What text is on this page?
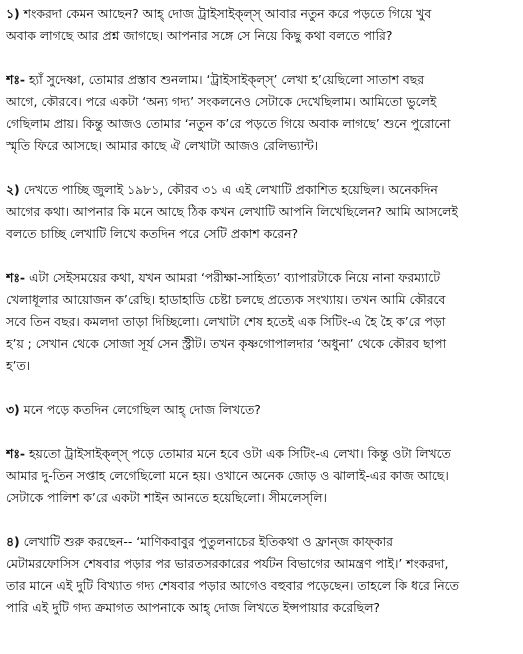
১) শংকরদা কেমন আছেন? আহ্ দোজ ট্রাইসাইক্‌ল্‌স্ আবার নতুন করে পড়তে গিয়ে খুব
অবাক লাগছে আর প্রশ্ন জাগছে। আপনার সঙ্গে সে নিয়ে কিছু কথা বলতে পারি?
শঃ- হ্যাঁ সুদেষ্ণা, তোমার প্রস্তাব শুনলাম। ‘ট্রাইসাইক্‌ল্‌স্’ লেখা হ’য়েছিলো সাতাশ বছর
আগে, কৌরবে। পরে একটা ‘অন্য গদ্য’ সংকলনেও সেটাকে দেখেছিলাম। আমিতো ভুলেই
গেছিলাম প্রায়। কিন্তু আজও তোমার ‘নতুন ক’রে পড়তে গিয়ে অবাক লাগছে’ শুনে পুরোনো
স্মৃতি ফিরে আসছে। আমার কাছে ঐ লেখাটা আজও রেলিভ্যান্ট।
২) দেখতে পাচ্ছি জুলাই ১৯৮১, কৌরব ৩১ এ এই লেখাটি প্রকাশিত হয়েছিল। অনেকদিন
আগের কথা। আপনার কি মনে আছে ঠিক কখন লেখাটি আপনি লিখেছিলেন? আমি আসলেই
বলতে চাচ্ছি লেখাটি লিখে কতদিন পরে সেটি প্রকাশ করেন?
শঃ- এটা সেইসময়ের কথা, যখন আমরা ‘পরীক্ষা-সাহিত্য’ ব্যাপারটাকে নিয়ে নানা ফরম্যাটে
খেলাধূলার আয়োজন ক’রেছি। হাডাহাডি চেষ্টা চলছে প্রত্যেক সংখ্যায়। তখন আমি কৌরবে
সবে তিন বছর। কমলদা তাড়া দিচ্ছিলো। লেখাটা শেষ হতেই এক সিটিং-এ হৈ হৈ ক’রে পড়া
হ’য় ; সেখান থেকে সোজা সূর্য সেন স্ট্রীট। তখন কৃষ্ণগোপালদার ‘অধুনা’ থেকে কৌরব ছাপা
হ’ত।
৩) মনে পড়ে কতদিন লেগেছিল আহ্ দোজ লিখতে?
শঃ- হয়তো ট্রাইসাইক্‌ল্‌স্ পড়ে তোমার মনে হবে ওটা এক সিটিং-এ লেখা। কিন্তু ওটা লিখতে
আমার দু-তিন সপ্তাহ লেগেছিলো মনে হয়। ওখানে অনেক জোড় ও ঝালাই-এর কাজ আছে।
সেটাকে পালিশ ক’রে একটা শাইন আনতে হয়েছিলো। সীমলেস্‌লি।
৪) লেখাটি শুরু করছেন-- ‘মাণিকবাবুর পুতুলনাচের ইতিকথা ও ফ্রান্জ কাফ্‌কার
মেটামরফোসিস শেষবার পড়ার পর ভারতসরকারের পর্যটন বিভাগের আমন্ত্রণ পাই।’ শংকরদা,
তার মানে এই দুটি বিখ্যাত গদ্য শেষবার পড়ার আগেও বহুবার পড়েছেন। তাহলে কি ধরে নিতে
পারি এই দুটি গদ্য ক্রমাগত আপনাকে আহ্ দোজ লিখতে ইন্সপায়ার করেছিল?
